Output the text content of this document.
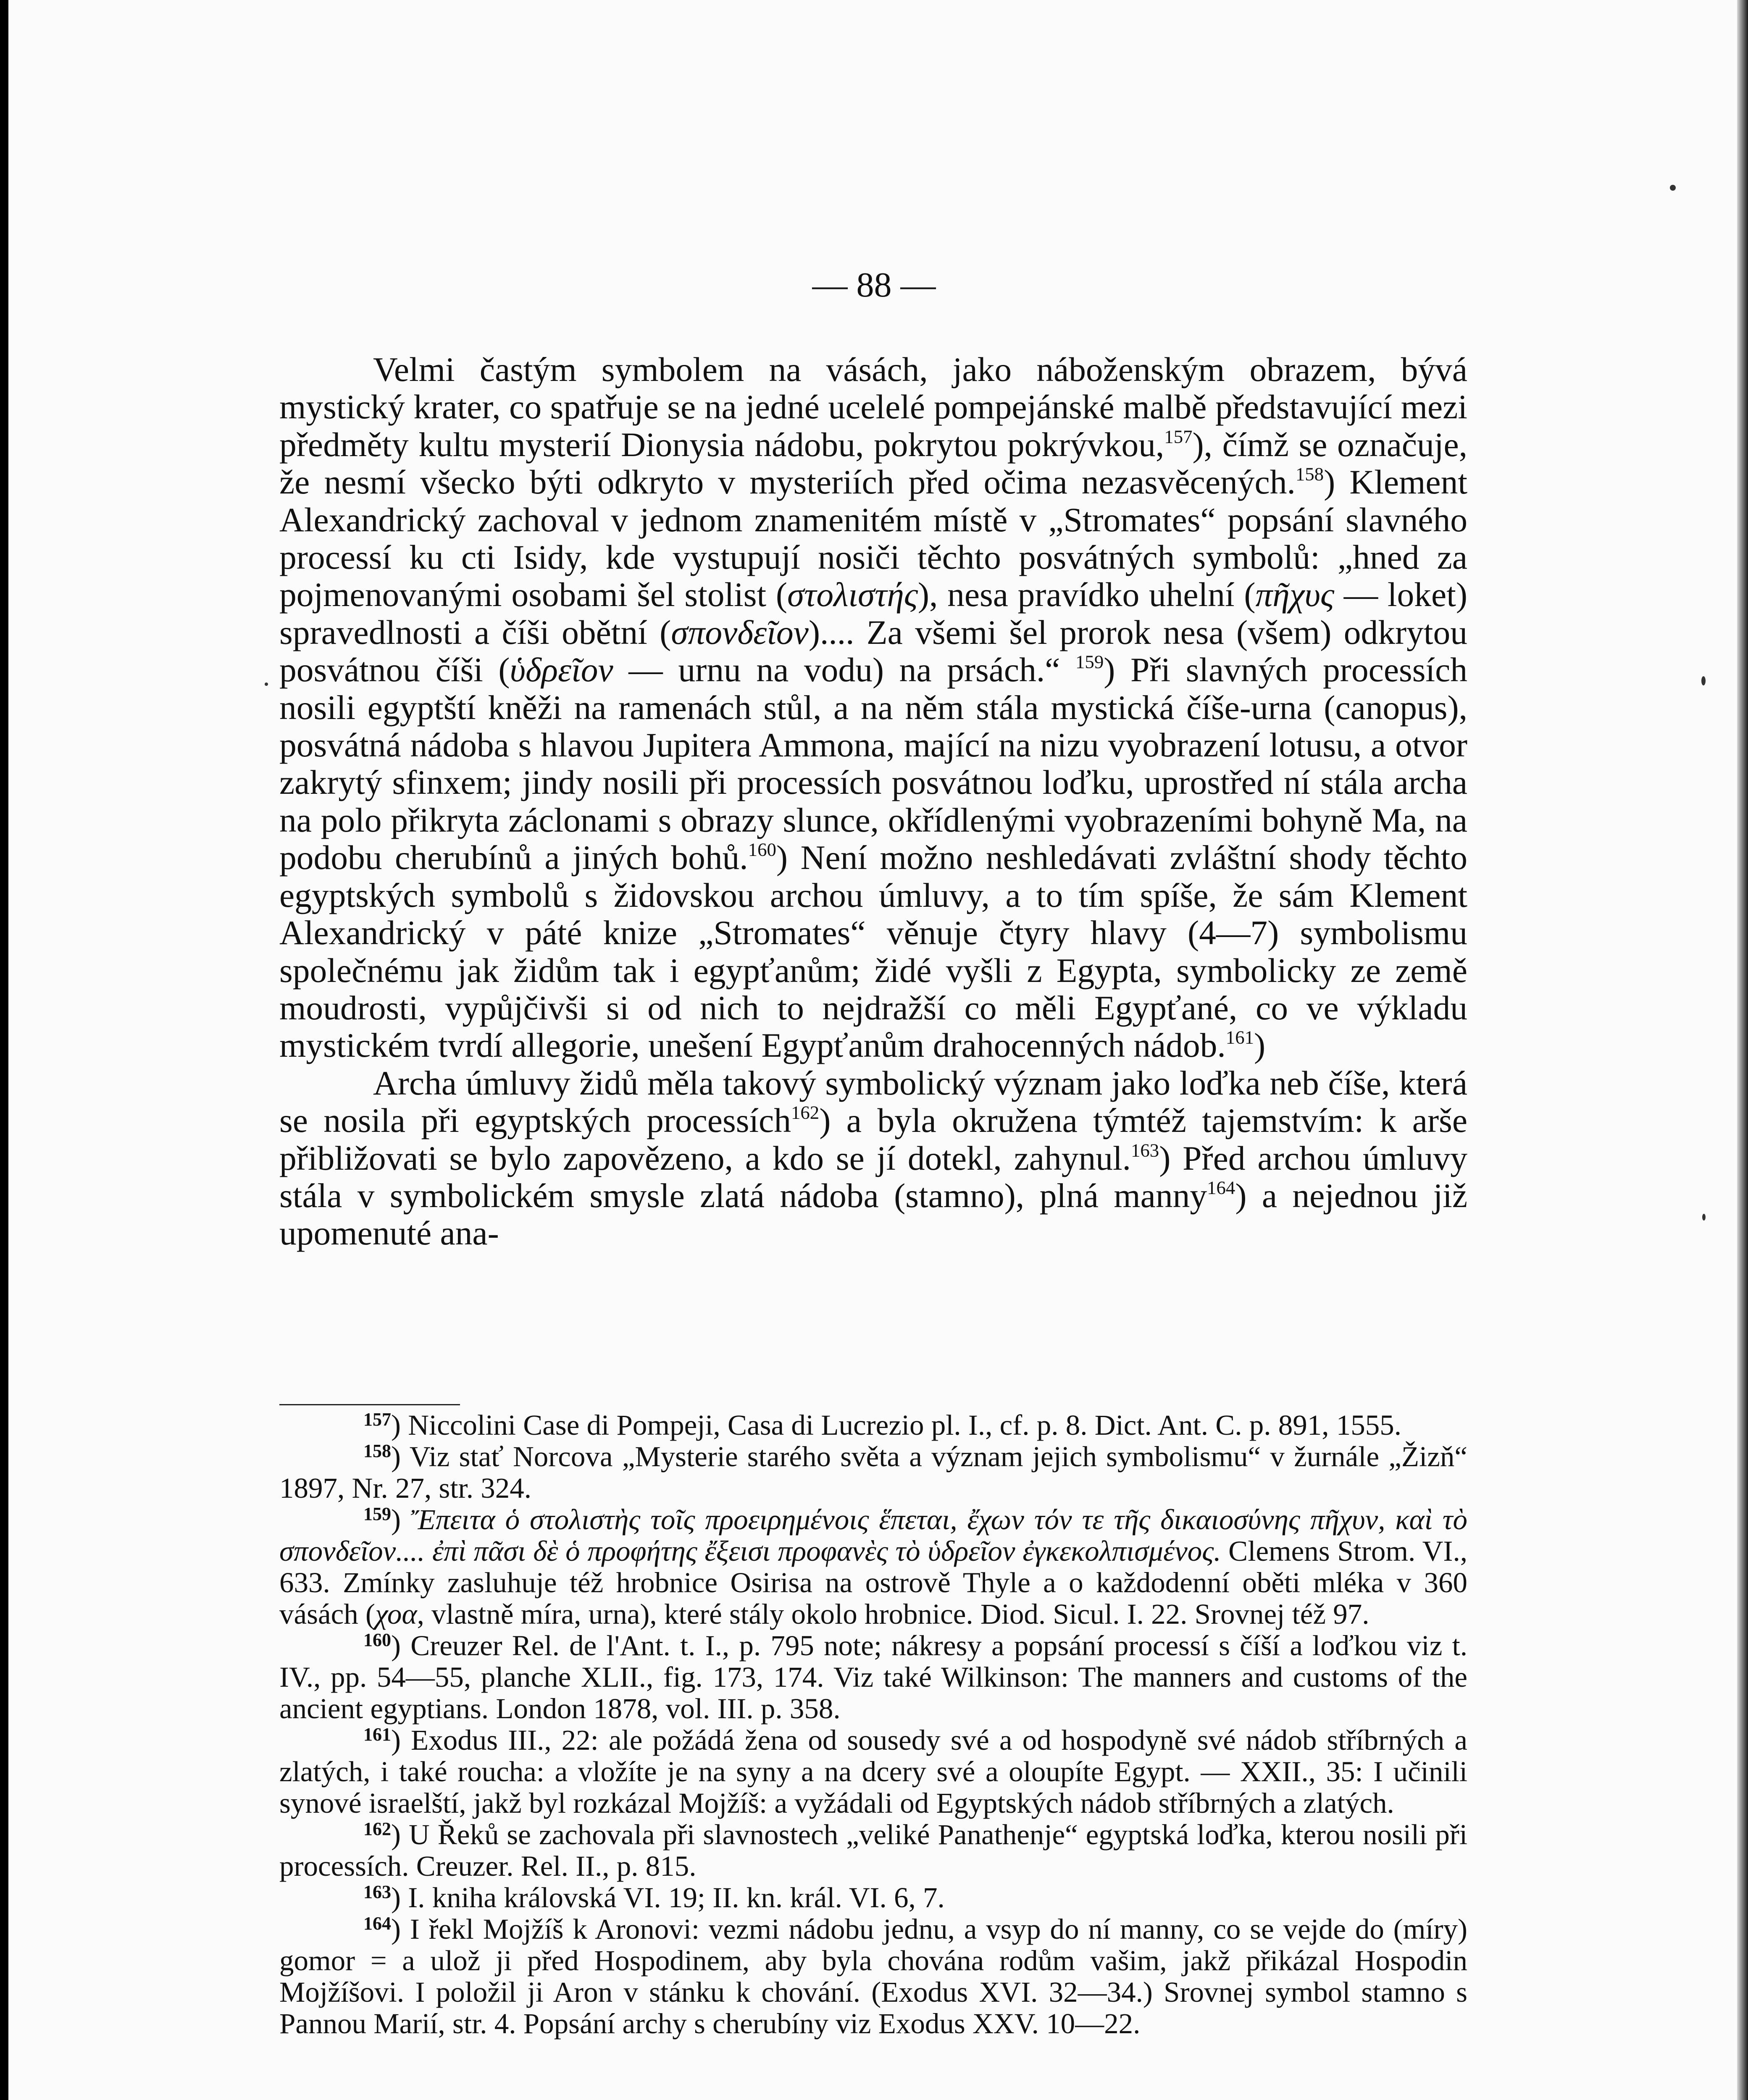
— 88 —

Velmi častým symbolem na vásách, jako náboženským obrazem, bývá mystický krater, co spatřuje se na jedné ucelelé pompejánské malbě představující mezi předměty kultu mysterií Dionysia nádobu, pokrytou pokrývkou,$^{157}$), čímž se označuje, že nesmí všecko býti odkryto v mysteriích před očima nezasvěcených.$^{158}$) Klement Alexandrický zachoval v jednom znamenitém místě v „Stromates“ popsání slavného processí ku cti Isidy, kde vystupují nosiči těchto posvátných symbolů: „hned za pojmenovanými osobami šel stolist (στολιστής), nesa pravídko uhelní (πῆχυς — loket) spravedlnosti a číši obětní (σπονδεῖον).... Za všemi šel prorok nesa (všem) odkrytou posvátnou číši (ὑδρεῖον — urnu na vodu) na prsách.“ $^{159}$) Při slavných processích nosili egyptští kněži na ramenách stůl, a na něm stála mystická číše-urna (canopus), posvátná nádoba s hlavou Jupitera Ammona, mající na nizu vyobrazení lotusu, a otvor zakrytý sfinxem; jindy nosili při processích posvátnou loďku, uprostřed ní stála archa na polo přikryta záclonami s obrazy slunce, okřídlenými vyobrazeními bohyně Ma, na podobu cherubínů a jiných bohů.$^{160}$) Není možno neshledávati zvláštní shody těchto egyptských symbolů s židovskou archou úmluvy, a to tím spíše, že sám Klement Alexandrický v páté knize „Stromates“ věnuje čtyry hlavy (4—7) symbolismu společnému jak židům tak i egypťanům; židé vyšli z Egypta, symbolicky ze země moudrosti, vypůjčivši si od nich to nejdražší co měli Egypťané, co ve výkladu mystickém tvrdí allegorie, unešení Egypťanům drahocenných nádob.$^{161}$)

Archa úmluvy židů měla takový symbolický význam jako loďka neb číše, která se nosila při egyptských processích$^{162}$) a byla okružena týmtéž tajemstvím: k arše přibližovati se bylo zapovězeno, a kdo se jí dotekl, zahynul.$^{163}$) Před archou úmluvy stála v symbolickém smysle zlatá nádoba (stamno), plná manny$^{164}$) a nejednou již upomenuté ana-

$^{157}$) Niccolini Case di Pompeji, Casa di Lucrezio pl. I., cf. p. 8. Dict. Ant. C. p. 891, 1555.

$^{158}$) Viz stať Norcova „Mysterie starého světa a význam jejich symbolismu“ v žurnále „Žizň“ 1897, Nr. 27, str. 324.

$^{159}$) Ἔπειτα ὁ στολιστὴς τοῖς προειρημένοις ἕπεται, ἔχων τόν τε τῆς δικαιοσύνης πῆχυν, καὶ τὸ σπονδεῖον.... ἐπὶ πᾶσι δὲ ὁ προφήτης ἔξεισι προφανὲς τὸ ὑδρεῖον ἐγκεκολπισμένος. Clemens Strom. VI., 633. Zmínky zasluhuje též hrobnice Osirisa na ostrově Thyle a o každodenní oběti mléka v 360 vásách (χοα, vlastně míra, urna), které stály okolo hrobnice. Diod. Sicul. I. 22. Srovnej též 97.

$^{160}$) Creuzer Rel. de l'Ant. t. I., p. 795 note; nákresy a popsání processí s číší a loďkou viz t. IV., pp. 54—55, planche XLII., fig. 173, 174. Viz také Wilkinson: The manners and customs of the ancient egyptians. London 1878, vol. III. p. 358.

$^{161}$) Exodus III., 22: ale požádá žena od sousedy své a od hospodyně své nádob stříbrných a zlatých, i také roucha: a vložíte je na syny a na dcery své a oloupíte Egypt. — XXII., 35: I učinili synové israelští, jakž byl rozkázal Mojžíš: a vyžádali od Egyptských nádob stříbrných a zlatých.

$^{162}$) U Řeků se zachovala při slavnostech „veliké Panathenje“ egyptská loďka, kterou nosili při processích. Creuzer. Rel. II., p. 815.

$^{163}$) I. kniha královská VI. 19; II. kn. král. VI. 6, 7.

$^{164}$) I řekl Mojžíš k Aronovi: vezmi nádobu jednu, a vsyp do ní manny, co se vejde do (míry) gomor = a ulož ji před Hospodinem, aby byla chována rodům vašim, jakž přikázal Hospodin Mojžíšovi. I položil ji Aron v stánku k chování. (Exodus XVI. 32—34.) Srovnej symbol stamno s Pannou Marií, str. 4. Popsání archy s cherubíny viz Exodus XXV. 10—22.
